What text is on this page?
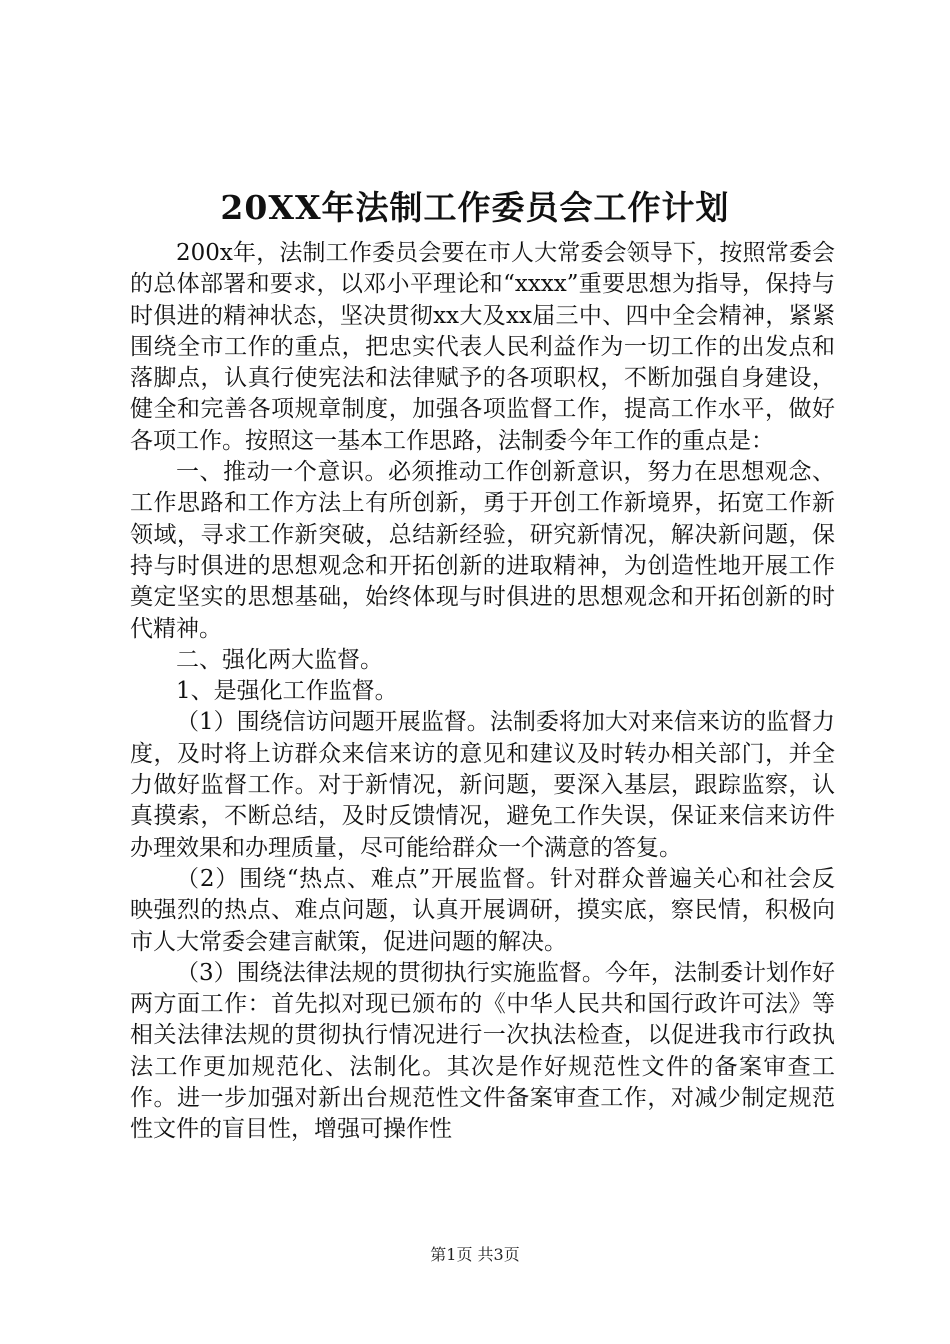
20XX年法制工作委员会工作计划

200x年，法制工作委员会要在市人大常委会领导下，按照常委会的总体部署和要求，以邓小平理论和“xxxx”重要思想为指导，保持与时俱进的精神状态，坚决贯彻xx大及xx届三中、四中全会精神，紧紧围绕全市工作的重点，把忠实代表人民利益作为一切工作的出发点和落脚点，认真行使宪法和法律赋予的各项职权，不断加强自身建设，健全和完善各项规章制度，加强各项监督工作，提高工作水平，做好各项工作。按照这一基本工作思路，法制委今年工作的重点是：

一、推动一个意识。必须推动工作创新意识，努力在思想观念、工作思路和工作方法上有所创新，勇于开创工作新境界，拓宽工作新领域，寻求工作新突破，总结新经验，研究新情况，解决新问题，保持与时俱进的思想观念和开拓创新的进取精神，为创造性地开展工作奠定坚实的思想基础，始终体现与时俱进的思想观念和开拓创新的时代精神。

二、强化两大监督。

1、是强化工作监督。

（1）围绕信访问题开展监督。法制委将加大对来信来访的监督力度，及时将上访群众来信来访的意见和建议及时转办相关部门，并全力做好监督工作。对于新情况，新问题，要深入基层，跟踪监察，认真摸索，不断总结，及时反馈情况，避免工作失误，保证来信来访件办理效果和办理质量，尽可能给群众一个满意的答复。

（2）围绕“热点、难点”开展监督。针对群众普遍关心和社会反映强烈的热点、难点问题，认真开展调研，摸实底，察民情，积极向市人大常委会建言献策，促进问题的解决。

（3）围绕法律法规的贯彻执行实施监督。今年，法制委计划作好两方面工作：首先拟对现已颁布的《中华人民共和国行政许可法》等相关法律法规的贯彻执行情况进行一次执法检查，以促进我市行政执法工作更加规范化、法制化。其次是作好规范性文件的备案审查工作。进一步加强对新出台规范性文件备案审查工作，对减少制定规范性文件的盲目性，增强可操作性

第1页 共3页
